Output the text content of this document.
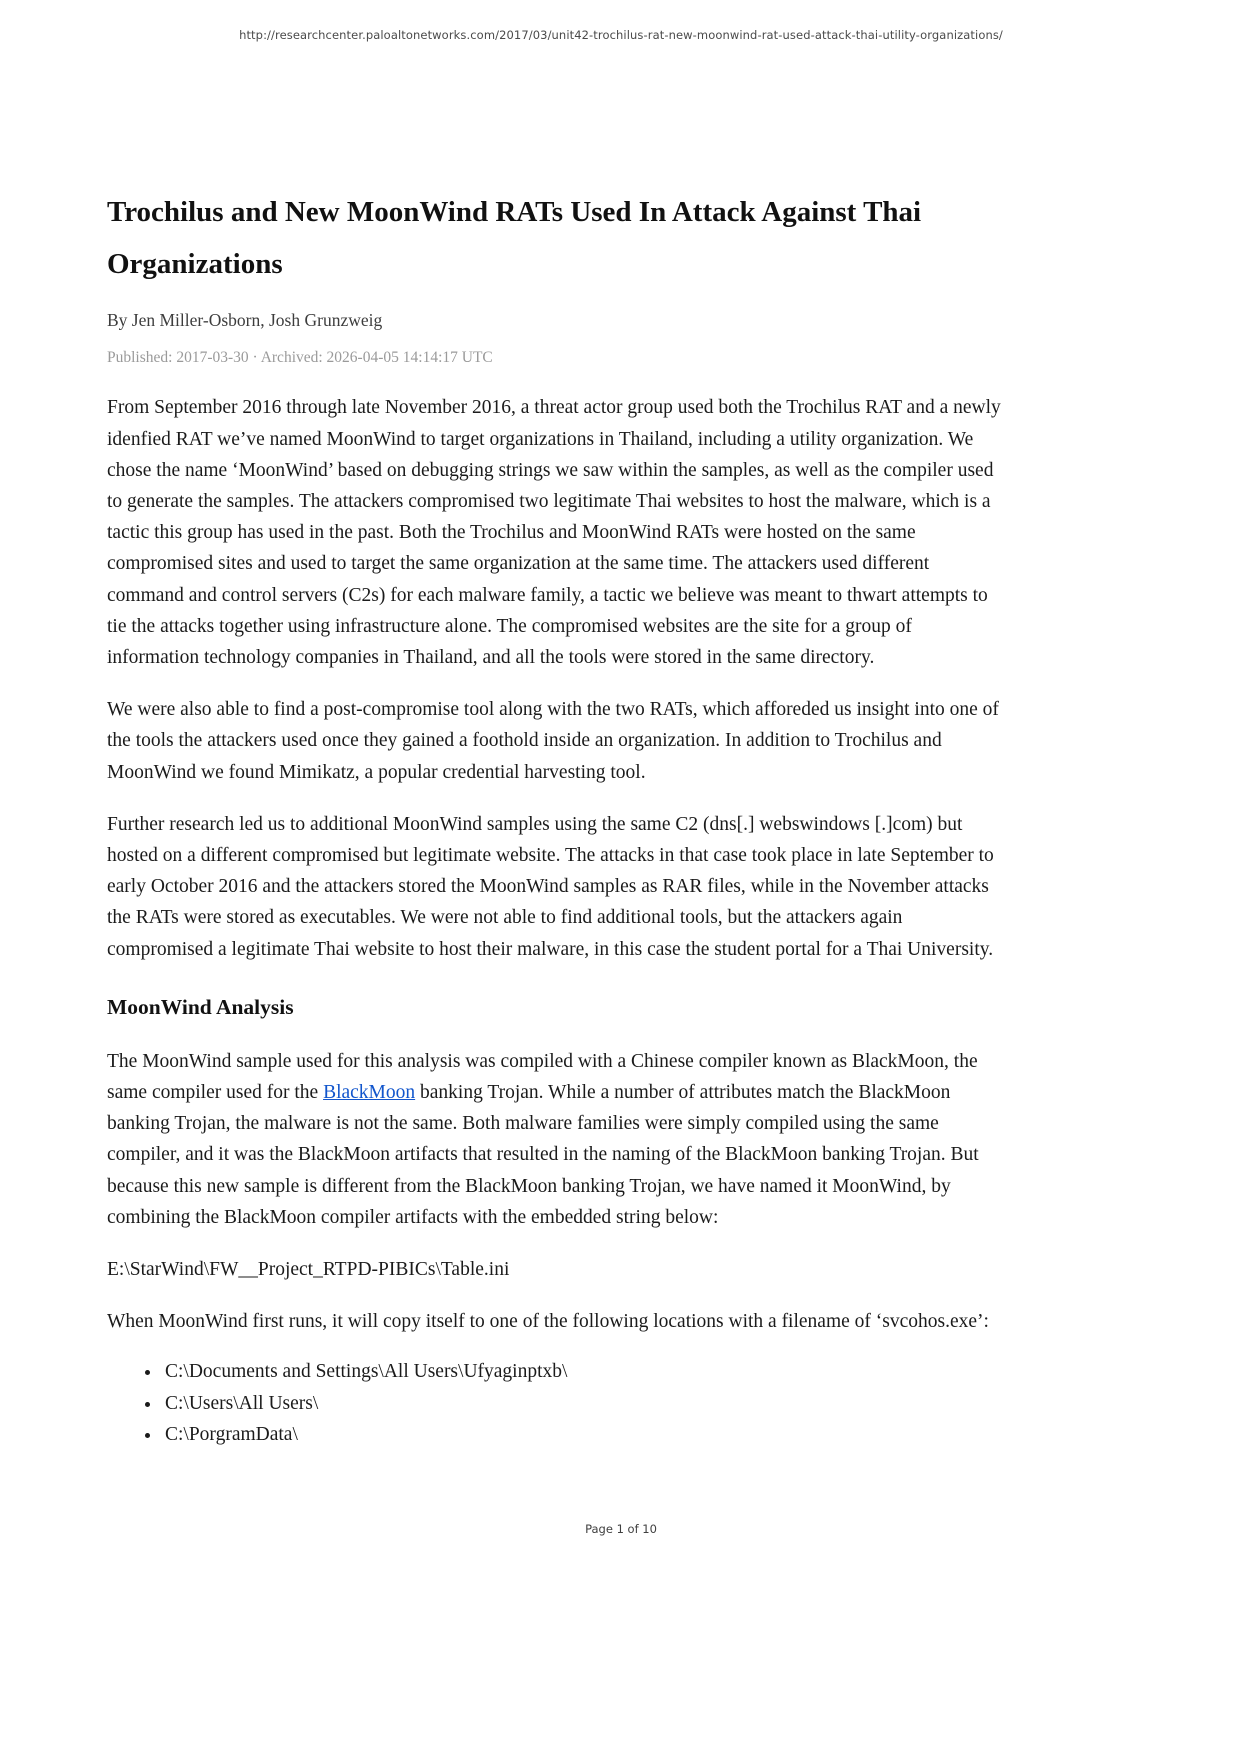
http://researchcenter.paloaltonetworks.com/2017/03/unit42-trochilus-rat-new-moonwind-rat-used-attack-thai-utility-organizations/
Trochilus and New MoonWind RATs Used In Attack Against Thai Organizations

By Jen Miller-Osborn, Josh Grunzweig

Published: 2017-03-30 · Archived: 2026-04-05 14:14:17 UTC

From September 2016 through late November 2016, a threat actor group used both the Trochilus RAT and a newly idenfied RAT we’ve named MoonWind to target organizations in Thailand, including a utility organization. We chose the name ‘MoonWind’ based on debugging strings we saw within the samples, as well as the compiler used to generate the samples. The attackers compromised two legitimate Thai websites to host the malware, which is a tactic this group has used in the past. Both the Trochilus and MoonWind RATs were hosted on the same compromised sites and used to target the same organization at the same time. The attackers used different command and control servers (C2s) for each malware family, a tactic we believe was meant to thwart attempts to tie the attacks together using infrastructure alone. The compromised websites are the site for a group of information technology companies in Thailand, and all the tools were stored in the same directory.

We were also able to find a post-compromise tool along with the two RATs, which afforeded us insight into one of the tools the attackers used once they gained a foothold inside an organization. In addition to Trochilus and MoonWind we found Mimikatz, a popular credential harvesting tool.

Further research led us to additional MoonWind samples using the same C2 (dns[.] webswindows [.]com) but hosted on a different compromised but legitimate website. The attacks in that case took place in late September to early October 2016 and the attackers stored the MoonWind samples as RAR files, while in the November attacks the RATs were stored as executables. We were not able to find additional tools, but the attackers again compromised a legitimate Thai website to host their malware, in this case the student portal for a Thai University.

MoonWind Analysis

The MoonWind sample used for this analysis was compiled with a Chinese compiler known as BlackMoon, the same compiler used for the BlackMoon banking Trojan. While a number of attributes match the BlackMoon banking Trojan, the malware is not the same. Both malware families were simply compiled using the same compiler, and it was the BlackMoon artifacts that resulted in the naming of the BlackMoon banking Trojan. But because this new sample is different from the BlackMoon banking Trojan, we have named it MoonWind, by combining the BlackMoon compiler artifacts with the embedded string below:

E:\StarWind\FW__Project_RTPD-PIBICs\Table.ini

When MoonWind first runs, it will copy itself to one of the following locations with a filename of ‘svcohos.exe’:

• C:\Documents and Settings\All Users\Ufyaginptxb\
• C:\Users\All Users\
• C:\PorgramData\
Page 1 of 10
